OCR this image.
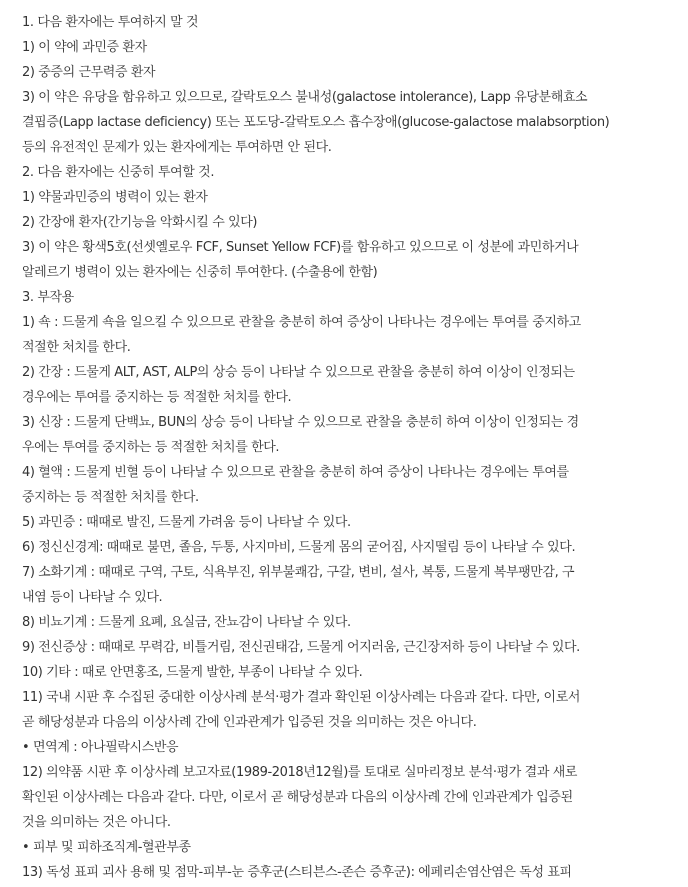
1. 다음 환자에는 투여하지 말 것
1) 이 약에 과민증 환자
2) 중증의 근무력증 환자
3) 이 약은 유당을 함유하고 있으므로, 갈락토오스 불내성(galactose intolerance), Lapp 유당분해효소
결핍증(Lapp lactase deficiency) 또는 포도당-갈락토오스 흡수장애(glucose-galactose malabsorption)
등의 유전적인 문제가 있는 환자에게는 투여하면 안 된다.
2. 다음 환자에는 신중히 투여할 것.
1) 약물과민증의 병력이 있는 환자
2) 간장애 환자(간기능을 악화시킬 수 있다)
3) 이 약은 황색5호(선셋옐로우 FCF, Sunset Yellow FCF)를 함유하고 있으므로 이 성분에 과민하거나
알레르기 병력이 있는 환자에는 신중히 투여한다. (수출용에 한함)
3. 부작용
1) 쇽 : 드물게 쇽을 일으킬 수 있으므로 관찰을 충분히 하여 증상이 나타나는 경우에는 투여를 중지하고
적절한 처치를 한다.
2) 간장 : 드물게 ALT, AST, ALP의 상승 등이 나타날 수 있으므로 관찰을 충분히 하여 이상이 인정되는
경우에는 투여를 중지하는 등 적절한 처치를 한다.
3) 신장 : 드물게 단백뇨, BUN의 상승 등이 나타날 수 있으므로 관찰을 충분히 하여 이상이 인정되는 경
우에는 투여를 중지하는 등 적절한 처치를 한다.
4) 혈액 : 드물게 빈혈 등이 나타날 수 있으므로 관찰을 충분히 하여 증상이 나타나는 경우에는 투여를
중지하는 등 적절한 처치를 한다.
5) 과민증 : 때때로 발진, 드물게 가려움 등이 나타날 수 있다.
6) 정신신경계: 때때로 불면, 졸음, 두통, 사지마비, 드물게 몸의 굳어짐, 사지떨림 등이 나타날 수 있다.
7) 소화기계 : 때때로 구역, 구토, 식욕부진, 위부불쾌감, 구갈, 변비, 설사, 복통, 드물게 복부팽만감, 구
내염 등이 나타날 수 있다.
8) 비뇨기계 : 드물게 요폐, 요실금, 잔뇨감이 나타날 수 있다.
9) 전신증상 : 때때로 무력감, 비틀거림, 전신권태감, 드물게 어지러움, 근긴장저하 등이 나타날 수 있다.
10) 기타 : 때로 안면홍조, 드물게 발한, 부종이 나타날 수 있다.
11) 국내 시판 후 수집된 중대한 이상사례 분석·평가 결과 확인된 이상사례는 다음과 같다. 다만, 이로서
곧 해당성분과 다음의 이상사례 간에 인과관계가 입증된 것을 의미하는 것은 아니다.
• 면역계 : 아나필락시스반응
12) 의약품 시판 후 이상사례 보고자료(1989-2018년12월)를 토대로 실마리정보 분석·평가 결과 새로
확인된 이상사례는 다음과 같다. 다만, 이로서 곧 해당성분과 다음의 이상사례 간에 인과관계가 입증된
것을 의미하는 것은 아니다.
• 피부 및 피하조직계-혈관부종
13) 독성 표피 괴사 용해 및 점막-피부-눈 증후군(스티븐스-존슨 증후군): 에페리손염산염은 독성 표피
